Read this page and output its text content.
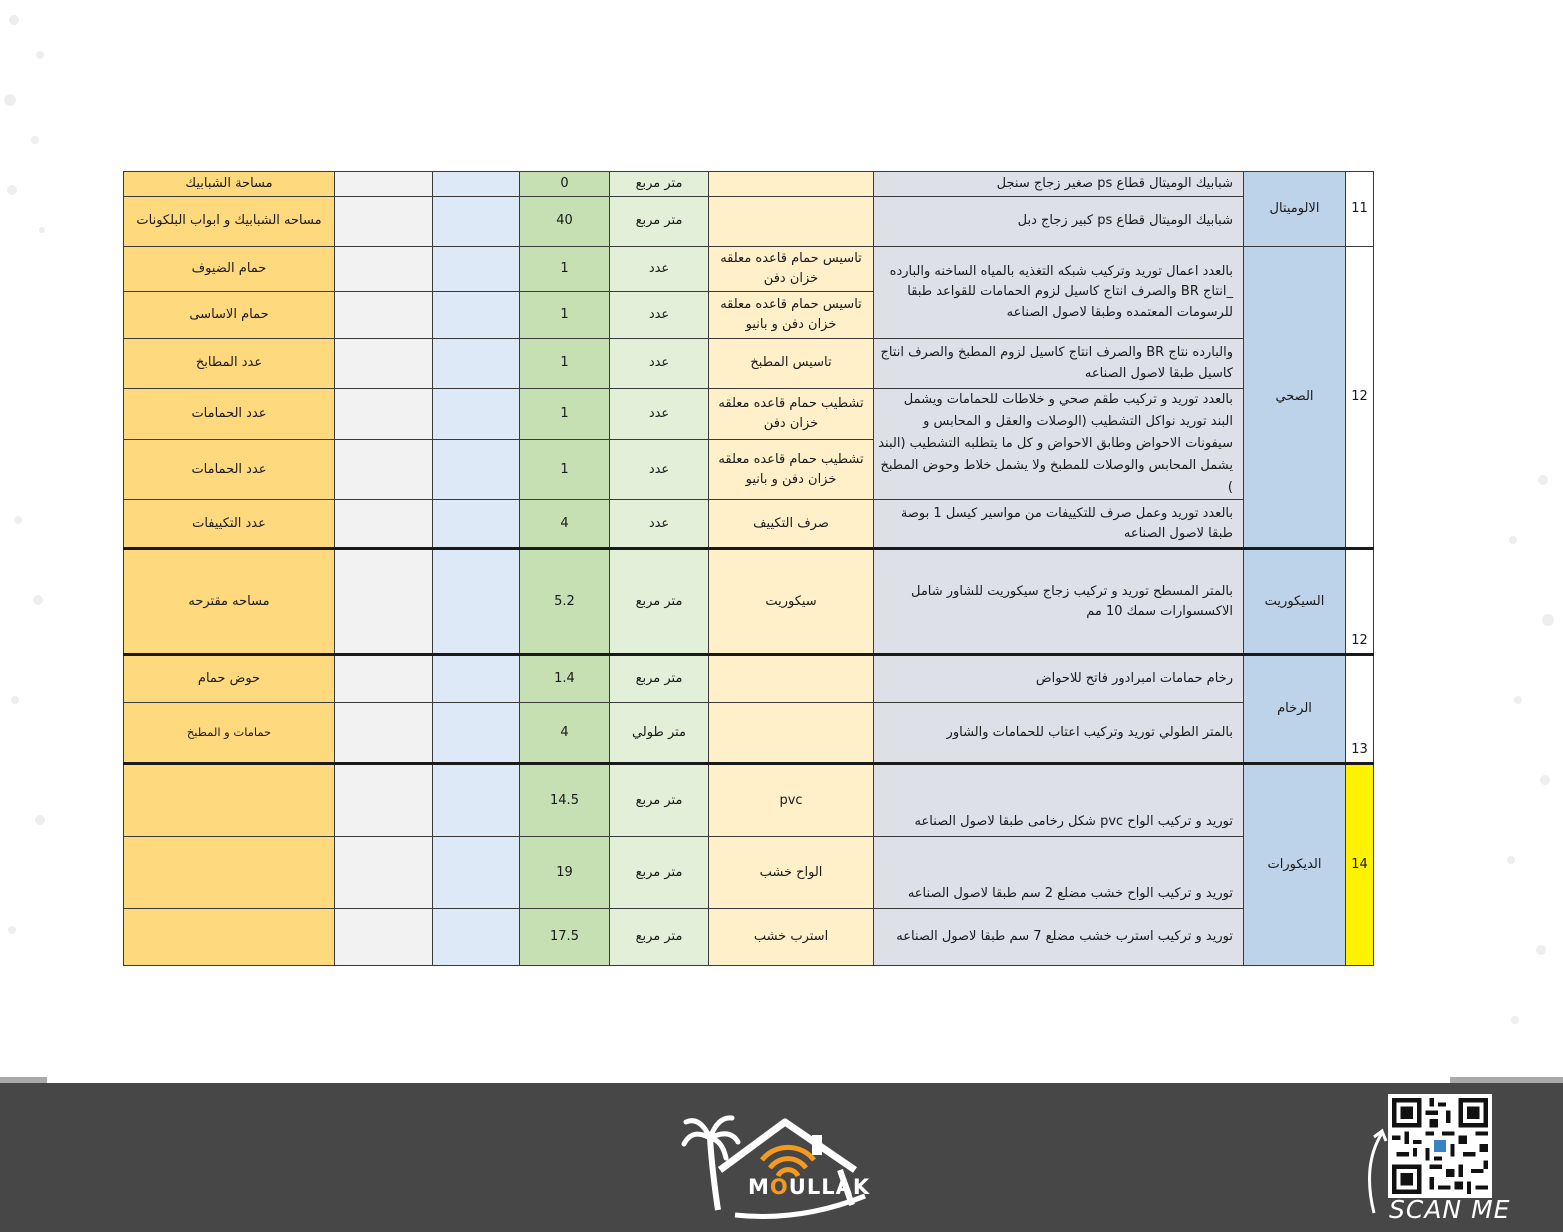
11	الالوميتال	شبابيك الوميتال قطاع ps صغير زجاج سنجل		متر مربع	0			مساحة الشبابيك
		شبابيك الوميتال قطاع ps كبير زجاج دبل		متر مربع	40			مساحه الشبابيك و ابواب البلكونات
12	الصحي	بالعدد اعمال توريد وتركيب شبكه التغذيه بالمياه الساخنه والبارده _انتاج BR والصرف انتاج كاسيل لزوم الحمامات للقواعد طبقا للرسومات المعتمده وطبقا لاصول الصناعه	تاسيس حمام قاعده معلقه خزان دفن	عدد	1			حمام الضيوف
			تاسيس حمام قاعده معلقه خزان دفن و بانيو	عدد	1			حمام الاساسى
		والبارده نتاج BR والصرف انتاج كاسيل لزوم المطبخ والصرف انتاج كاسيل طبقا لاصول الصناعه	تاسيس المطبخ	عدد	1			عدد المطابخ
		بالعدد توريد و تركيب طقم صحي و خلاطات للحمامات ويشمل البند توريد نواكل التشطيب (الوصلات والعقل و المحابس و سيفونات الاحواض وطابق الاحواض و كل ما يتطلبه التشطيب (البند يشمل المحابس والوصلات للمطبخ ولا يشمل خلاط وحوض المطبخ )	تشطيب حمام قاعده معلقه خزان دفن	عدد	1			عدد الحمامات
			تشطيب حمام قاعده معلقه خزان دفن و بانيو	عدد	1			عدد الحمامات
		بالعدد توريد وعمل صرف للتكييفات من مواسير كيسل 1 بوصة طبقا لاصول الصناعه	صرف التكييف	عدد	4			عدد التكييفات
12	السيكوريت	بالمتر المسطح توريد و تركيب زجاج سيكوريت للشاور شامل الاكسسوارات سمك 10 مم	سيكوريت	متر مربع	5.2			مساحه مقترحه
13	الرخام	رخام حمامات امبرادور فاتح للاحواض		متر مربع	1.4			حوض حمام
		بالمتر الطولي توريد وتركيب اعتاب للحمامات والشاور		متر طولي	4			حمامات و المطبخ
14	الديكورات	توريد و تركيب الواح pvc شكل رخامى طبقا لاصول الصناعه	pvc	متر مربع	14.5			
		توريد و تركيب الواح خشب مضلع 2 سم طبقا لاصول الصناعه	الواح خشب	متر مربع	19			
		توريد و تركيب استرب خشب مضلع 7 سم طبقا لاصول الصناعه	استرب خشب	متر مربع	17.5			
MOULLAK
SCAN ME
